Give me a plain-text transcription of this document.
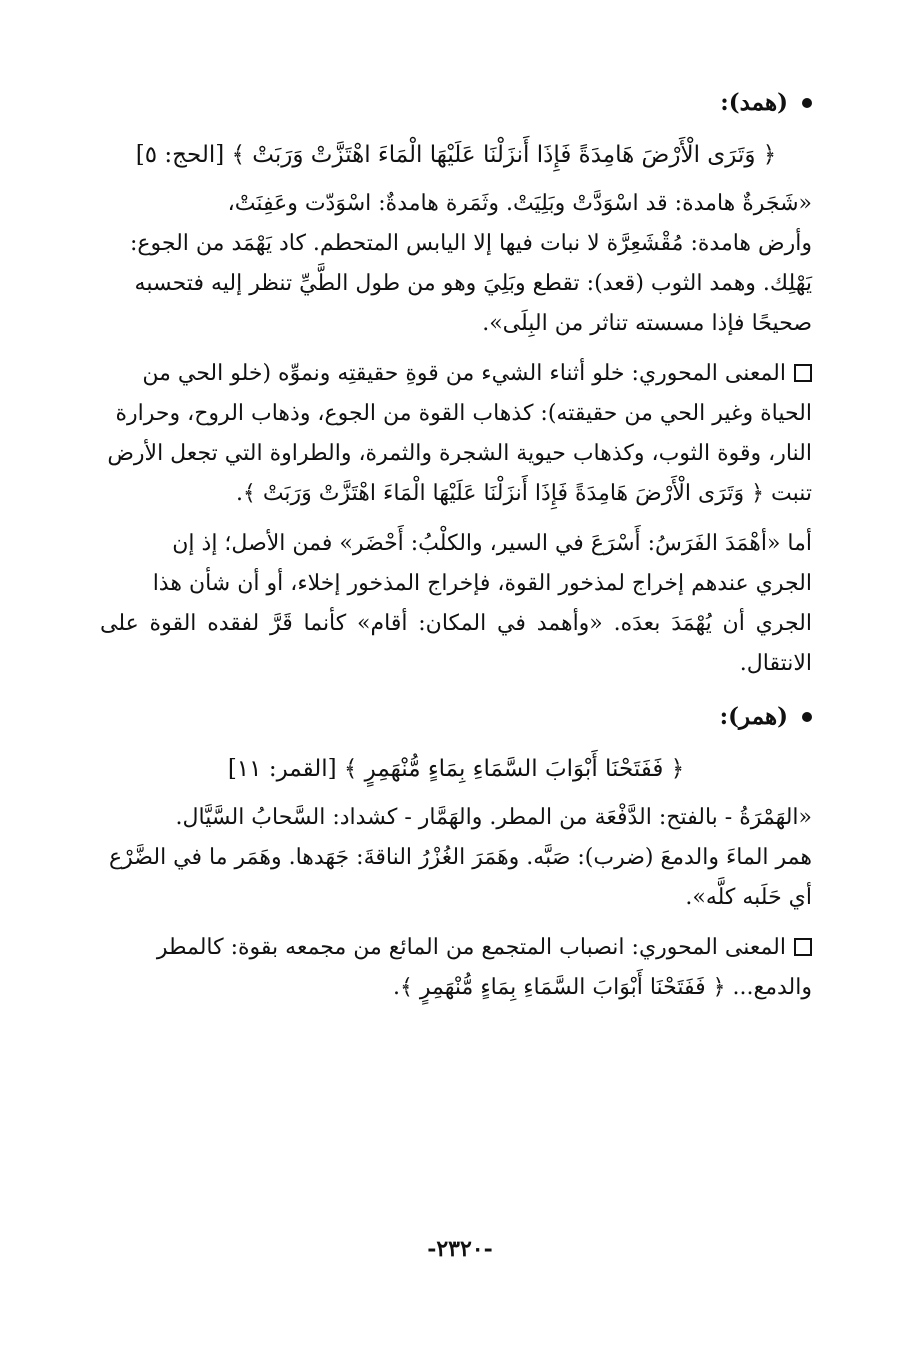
(همد):

﴿ وَتَرَى الْأَرْضَ هَامِدَةً فَإِذَا أَنزَلْنَا عَلَيْهَا الْمَاءَ اهْتَزَّتْ وَرَبَتْ ﴾ [الحج: ٥]

«شَجَرةٌ هامدة: قد اسْوَدَّتْ وبَلِيَتْ. وثَمَرة هامدةٌ: اسْوَدّت وعَفِنَتْ،

وأرض هامدة: مُقْشَعِرَّة لا نبات فيها إلا اليابس المتحطم. كاد يَهْمَد من الجوع:

يَهْلِك. وهمد الثوب (قعد): تقطع وبَلِيَ وهو من طول الطَّيِّ تنظر إليه فتحسبه

صحيحًا فإذا مسسته تناثر من البِلَى».

المعنى المحوري: خلو أثناء الشيء من قوةِ حقيقتِه ونموِّه (خلو الحي من

الحياة وغير الحي من حقيقته): كذهاب القوة من الجوع، وذهاب الروح، وحرارة

النار، وقوة الثوب، وكذهاب حيوية الشجرة والثمرة، والطراوة التي تجعل الأرض

تنبت ﴿ وَتَرَى الْأَرْضَ هَامِدَةً فَإِذَا أَنزَلْنَا عَلَيْهَا الْمَاءَ اهْتَزَّتْ وَرَبَتْ ﴾.

أما «أهْمَدَ الفَرَسُ: أَسْرَعَ في السير، والكلْبُ: أَحْضَر» فمن الأصل؛ إذ إن

الجري عندهم إخراج لمذخور القوة، فإخراج المذخور إخلاء، أو أن شأن هذا

الجري أن يُهْمَدَ بعدَه. «وأهمد في المكان: أقام» كأنما قَرَّ لفقده القوة على الانتقال.

(همر):

﴿ فَفَتَحْنَا أَبْوَابَ السَّمَاءِ بِمَاءٍ مُّنْهَمِرٍ ﴾ [القمر: ١١]

«الهَمْرَةُ - بالفتح: الدَّفْعَة من المطر. والهَمَّار - كشداد: السَّحابُ السَّيَّال.

همر الماءَ والدمعَ (ضرب): صَبَّه. وهَمَرَ الغُزْرُ الناقةَ: جَهَدها. وهَمَر ما في الضَّرْع

أي حَلَبه كلَّه».

المعنى المحوري: انصباب المتجمع من المائع من مجمعه بقوة: كالمطر

والدمع... ﴿ فَفَتَحْنَا أَبْوَابَ السَّمَاءِ بِمَاءٍ مُّنْهَمِرٍ ﴾.

-٢٣٢٠-
